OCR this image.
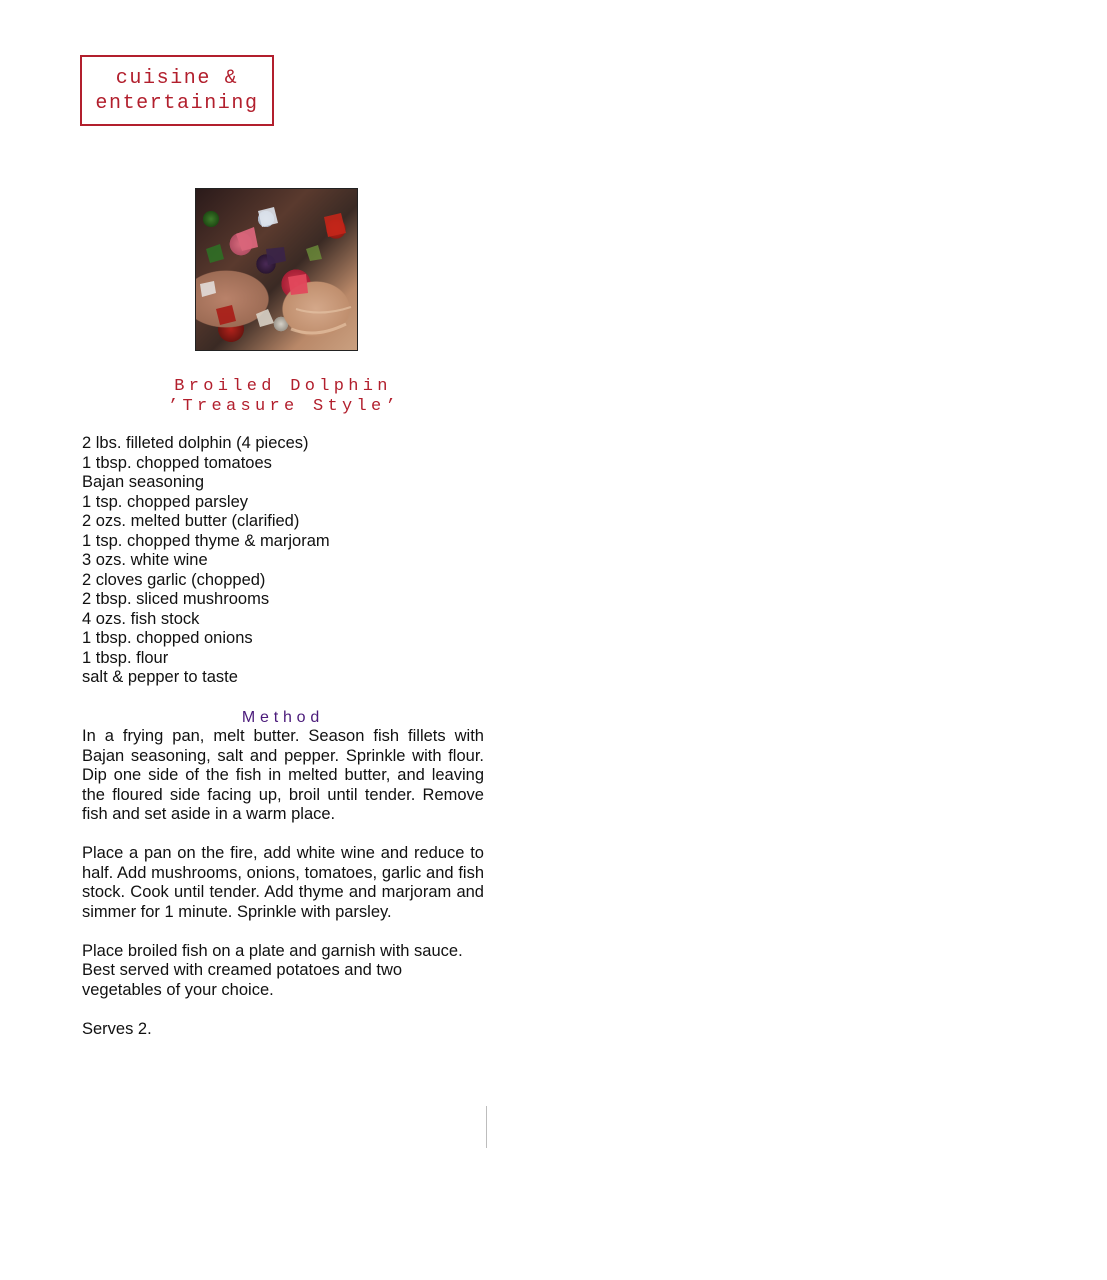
cuisine &
entertaining
Broiled Dolphin
’Treasure Style’
2 lbs. filleted dolphin (4 pieces)
1 tbsp. chopped tomatoes
Bajan seasoning
1 tsp. chopped parsley
2 ozs. melted butter (clarified)
1 tsp. chopped thyme & marjoram
3 ozs. white wine
2 cloves garlic (chopped)
2 tbsp. sliced mushrooms
4 ozs. fish stock
1 tbsp. chopped onions
1 tbsp. flour
salt & pepper to taste
Method

In a frying pan, melt butter. Season fish fillets with Bajan seasoning, salt and pepper. Sprinkle with flour. Dip one side of the fish in melted butter, and leaving the floured side facing up, broil until tender. Remove fish and set aside in a warm place.

Place a pan on the fire, add white wine and reduce to half. Add mushrooms, onions, tomatoes, garlic and fish stock. Cook until tender. Add thyme and marjoram and simmer for 1 minute. Sprinkle with parsley.

Place broiled fish on a plate and garnish with sauce. Best served with creamed potatoes and two vegetables of your choice.

Serves 2.
